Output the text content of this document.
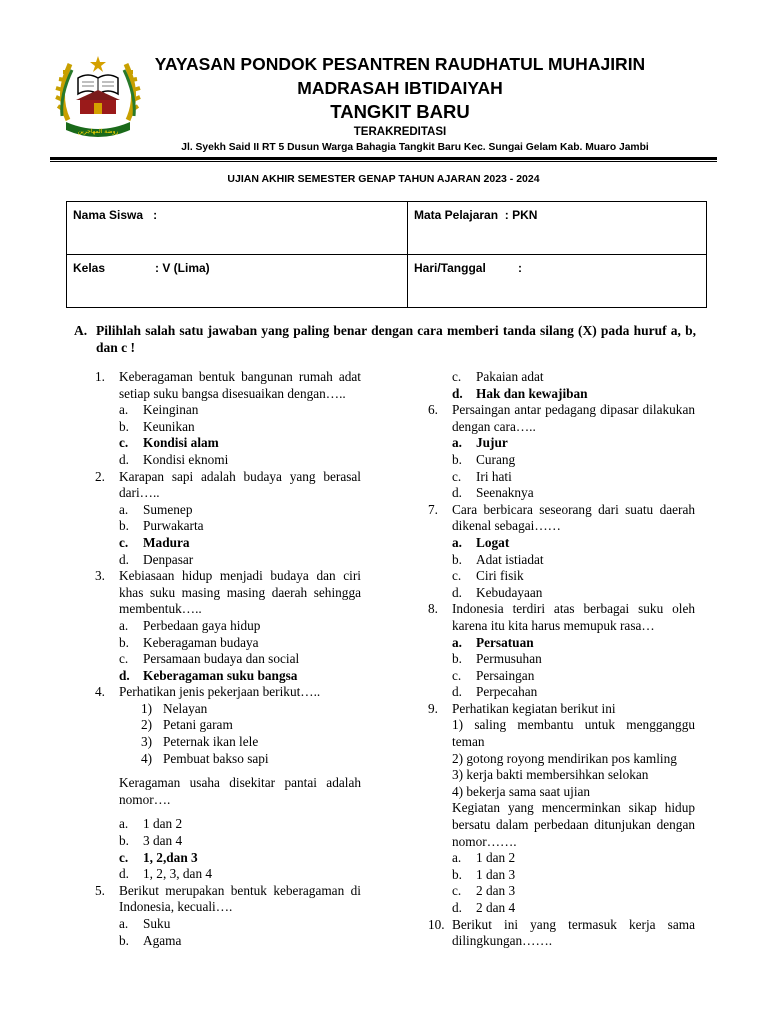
ﺭﻭﺿﺔ ﺍﻟﻤﻬﺎﺟﺮﻳﻦ
YAYASAN PONDOK PESANTREN RAUDHATUL MUHAJIRIN
MADRASAH IBTIDAIYAH
TANGKIT BARU
TERAKREDITASI
Jl. Syekh Said II RT 5 Dusun Warga Bahagia Tangkit Baru Kec. Sungai Gelam Kab. Muaro Jambi
UJIAN AKHIR SEMESTER GENAP TAHUN AJARAN 2023 - 2024
Nama Siswa :	Mata Pelajaran : PKN
Kelas : V (Lima)	Hari/Tanggal :
A. Pilihlah salah satu jawaban yang paling benar dengan cara memberi tanda silang (X) pada huruf a, b, dan c !
1. Keberagaman bentuk bangunan rumah adat setiap suku bangsa disesuaikan dengan…..
a. Keinginan
b. Keunikan
c. Kondisi alam
d. Kondisi eknomi
2. Karapan sapi adalah budaya yang berasal dari…..
a. Sumenep
b. Purwakarta
c. Madura
d. Denpasar
3. Kebiasaan hidup menjadi budaya dan ciri khas suku masing masing daerah sehingga membentuk…..
a. Perbedaan gaya hidup
b. Keberagaman budaya
c. Persamaan budaya dan social
d. Keberagaman suku bangsa
4. Perhatikan jenis pekerjaan berikut…..
1) Nelayan
2) Petani garam
3) Peternak ikan lele
4) Pembuat bakso sapi
Keragaman usaha disekitar pantai adalah nomor….
a. 1 dan 2
b. 3 dan 4
c. 1, 2,dan 3
d. 1, 2, 3, dan 4
5. Berikut merupakan bentuk keberagaman di Indonesia, kecuali….
a. Suku
b. Agama
c. Pakaian adat
d. Hak dan kewajiban
6. Persaingan antar pedagang dipasar dilakukan dengan cara…..
a. Jujur
b. Curang
c. Iri hati
d. Seenaknya
7. Cara berbicara seseorang dari suatu daerah dikenal sebagai……
a. Logat
b. Adat istiadat
c. Ciri fisik
d. Kebudayaan
8. Indonesia terdiri atas berbagai suku oleh karena itu kita harus memupuk rasa…
a. Persatuan
b. Permusuhan
c. Persaingan
d. Perpecahan
9. Perhatikan kegiatan berikut ini
1) saling membantu untuk mengganggu teman
2) gotong royong mendirikan pos kamling
3) kerja bakti membersihkan selokan
4) bekerja sama saat ujian
Kegiatan yang mencerminkan sikap hidup bersatu dalam perbedaan ditunjukan dengan nomor…….
a. 1 dan 2
b. 1 dan 3
c. 2 dan 3
d. 2 dan 4
10. Berikut ini yang termasuk kerja sama dilingkungan…….
